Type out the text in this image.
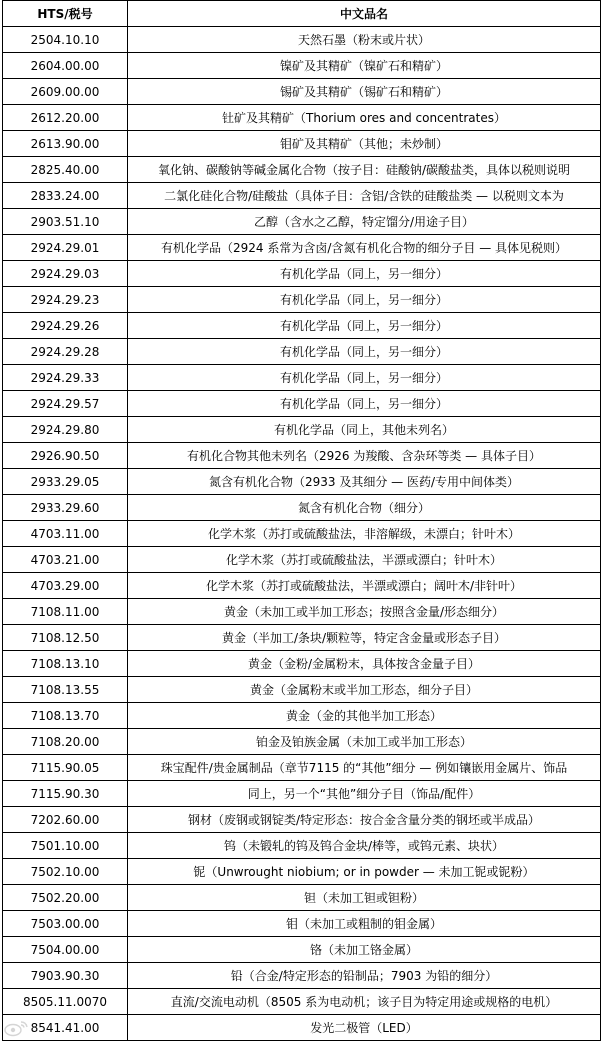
HTS/税号	中文品名
2504.10.10	天然石墨（粉末或片状）
2604.00.00	镍矿及其精矿（镍矿石和精矿）
2609.00.00	锡矿及其精矿（锡矿石和精矿）
2612.20.00	钍矿及其精矿（Thorium ores and concentrates）
2613.90.00	钼矿及其精矿（其他；未炒制）
2825.40.00	氧化钠、碳酸钠等碱金属化合物（按子目：硅酸钠/碳酸盐类，具体以税则说明
2833.24.00	二氯化硅化合物/硅酸盐（具体子目：含铝/含铁的硅酸盐类 — 以税则文本为
2903.51.10	乙醇（含水之乙醇，特定馏分/用途子目）
2924.29.01	有机化学品（2924 系常为含卤/含氮有机化合物的细分子目 — 具体见税则）
2924.29.03	有机化学品（同上，另一细分）
2924.29.23	有机化学品（同上，另一细分）
2924.29.26	有机化学品（同上，另一细分）
2924.29.28	有机化学品（同上，另一细分）
2924.29.33	有机化学品（同上，另一细分）
2924.29.57	有机化学品（同上，另一细分）
2924.29.80	有机化学品（同上，其他未列名）
2926.90.50	有机化合物其他未列名（2926 为羧酸、含杂环等类 — 具体子目）
2933.29.05	氮含有机化合物（2933 及其细分 — 医药/专用中间体类）
2933.29.60	氮含有机化合物（细分）
4703.11.00	化学木浆（苏打或硫酸盐法，非溶解级，未漂白；针叶木）
4703.21.00	化学木浆（苏打或硫酸盐法，半漂或漂白；针叶木）
4703.29.00	化学木浆（苏打或硫酸盐法，半漂或漂白；阔叶木/非针叶）
7108.11.00	黄金（未加工或半加工形态；按照含金量/形态细分）
7108.12.50	黄金（半加工/条块/颗粒等，特定含金量或形态子目）
7108.13.10	黄金（金粉/金属粉末，具体按含金量子目）
7108.13.55	黄金（金属粉末或半加工形态，细分子目）
7108.13.70	黄金（金的其他半加工形态）
7108.20.00	铂金及铂族金属（未加工或半加工形态）
7115.90.05	珠宝配件/贵金属制品（章节7115 的“其他”细分 — 例如镶嵌用金属片、饰品
7115.90.30	同上，另一个“其他”细分子目（饰品/配件）
7202.60.00	钢材（废钢或钢锭类/特定形态：按合金含量分类的钢坯或半成品）
7501.10.00	钨（未锻轧的钨及钨合金块/棒等，或钨元素、块状）
7502.10.00	铌（Unwrought niobium; or in powder — 未加工铌或铌粉）
7502.20.00	钽（未加工钽或钽粉）
7503.00.00	钼（未加工或粗制的钼金属）
7504.00.00	铬（未加工铬金属）
7903.90.30	铅（合金/特定形态的铅制品；7903 为铅的细分）
8505.11.0070	直流/交流电动机（8505 系为电动机；该子目为特定用途或规格的电机）
8541.41.00	发光二极管（LED）
